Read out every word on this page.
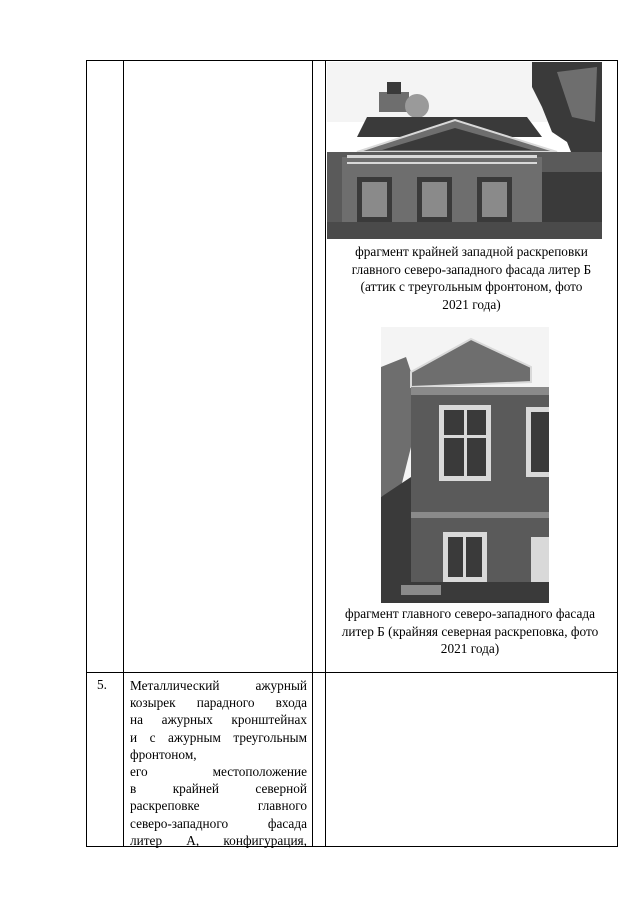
фрагмент крайней западной раскреповки
главного северо-западного фасада литер Б
(аттик с треугольным фронтоном, фото
2021 года)
фрагмент главного северо-западного фасада
литер Б (крайняя северная раскреповка, фото
2021 года)
5. Металлический ажурный
козырек парадного входа
на ажурных кронштейнах
и с ажурным треугольным
фронтоном,
его местоположение
в крайней северной
раскреповке главного
северо-западного фасада
литер А, конфигурация,
